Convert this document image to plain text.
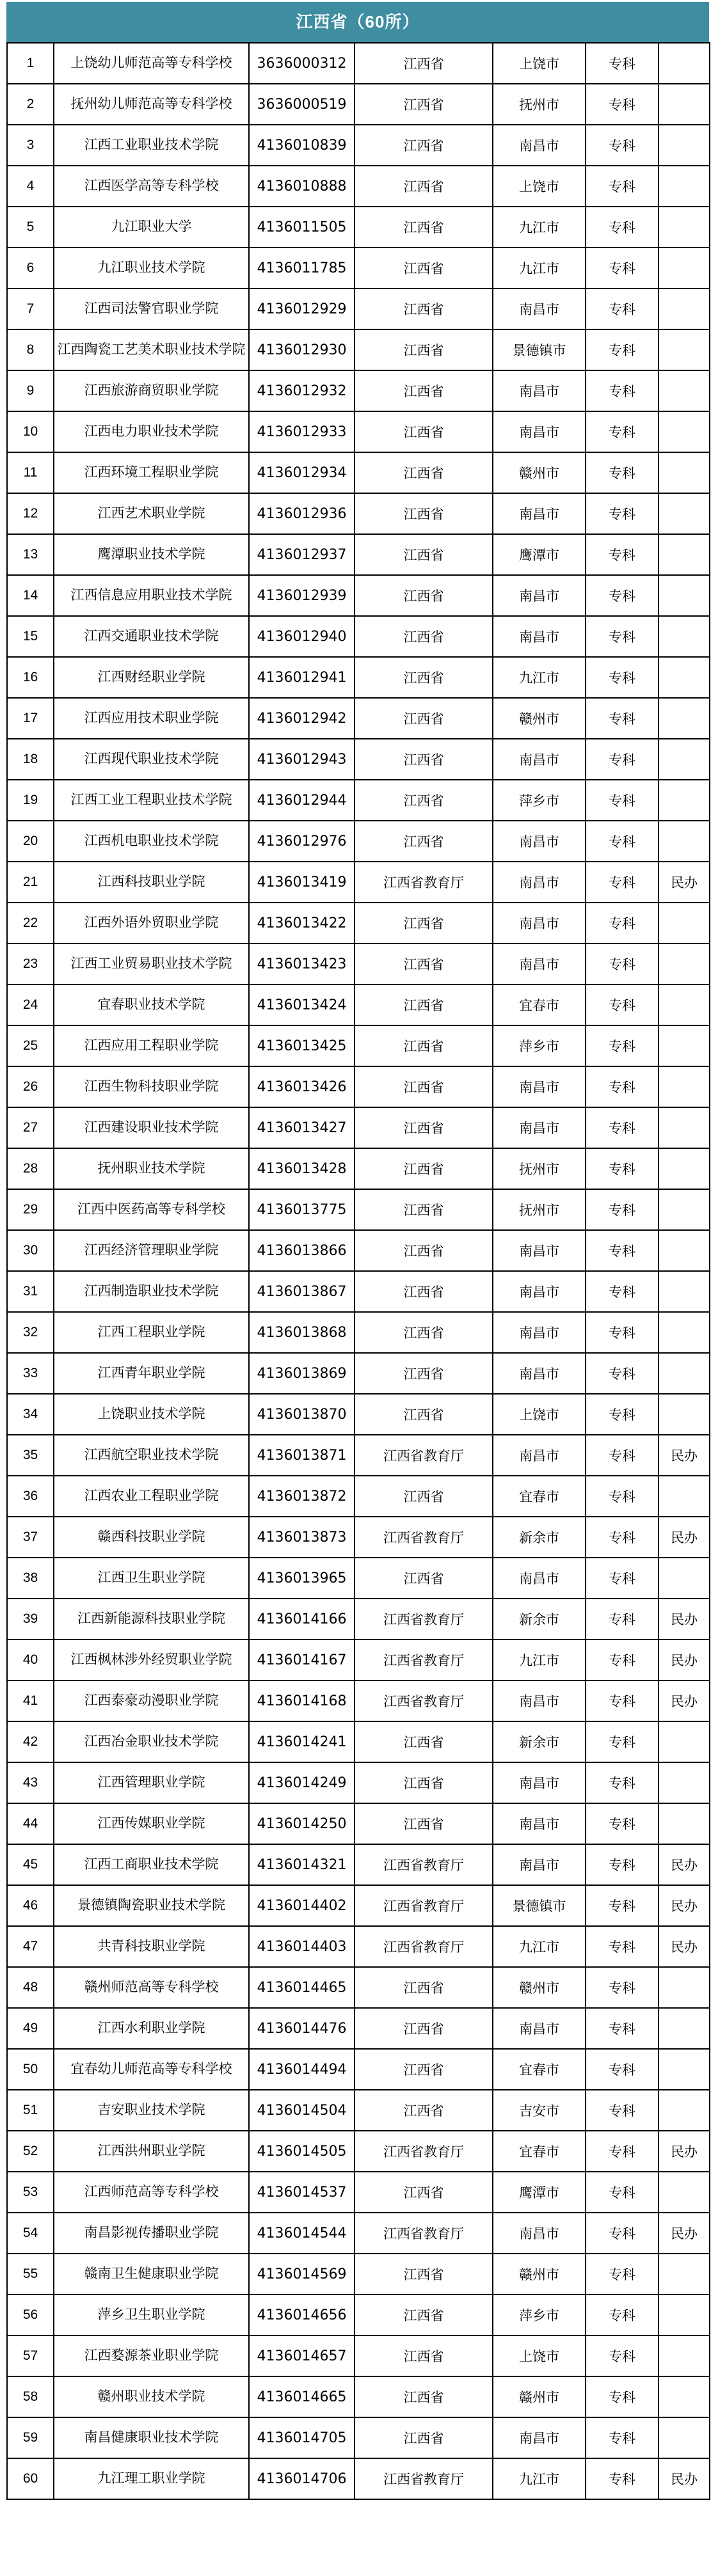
江西省（60所）
1	上饶幼儿师范高等专科学校	3636000312	江西省	上饶市	专科	
2	抚州幼儿师范高等专科学校	3636000519	江西省	抚州市	专科	
3	江西工业职业技术学院	4136010839	江西省	南昌市	专科	
4	江西医学高等专科学校	4136010888	江西省	上饶市	专科	
5	九江职业大学	4136011505	江西省	九江市	专科	
6	九江职业技术学院	4136011785	江西省	九江市	专科	
7	江西司法警官职业学院	4136012929	江西省	南昌市	专科	
8	江西陶瓷工艺美术职业技术学院	4136012930	江西省	景德镇市	专科	
9	江西旅游商贸职业学院	4136012932	江西省	南昌市	专科	
10	江西电力职业技术学院	4136012933	江西省	南昌市	专科	
11	江西环境工程职业学院	4136012934	江西省	赣州市	专科	
12	江西艺术职业学院	4136012936	江西省	南昌市	专科	
13	鹰潭职业技术学院	4136012937	江西省	鹰潭市	专科	
14	江西信息应用职业技术学院	4136012939	江西省	南昌市	专科	
15	江西交通职业技术学院	4136012940	江西省	南昌市	专科	
16	江西财经职业学院	4136012941	江西省	九江市	专科	
17	江西应用技术职业学院	4136012942	江西省	赣州市	专科	
18	江西现代职业技术学院	4136012943	江西省	南昌市	专科	
19	江西工业工程职业技术学院	4136012944	江西省	萍乡市	专科	
20	江西机电职业技术学院	4136012976	江西省	南昌市	专科	
21	江西科技职业学院	4136013419	江西省教育厅	南昌市	专科	民办
22	江西外语外贸职业学院	4136013422	江西省	南昌市	专科	
23	江西工业贸易职业技术学院	4136013423	江西省	南昌市	专科	
24	宜春职业技术学院	4136013424	江西省	宜春市	专科	
25	江西应用工程职业学院	4136013425	江西省	萍乡市	专科	
26	江西生物科技职业学院	4136013426	江西省	南昌市	专科	
27	江西建设职业技术学院	4136013427	江西省	南昌市	专科	
28	抚州职业技术学院	4136013428	江西省	抚州市	专科	
29	江西中医药高等专科学校	4136013775	江西省	抚州市	专科	
30	江西经济管理职业学院	4136013866	江西省	南昌市	专科	
31	江西制造职业技术学院	4136013867	江西省	南昌市	专科	
32	江西工程职业学院	4136013868	江西省	南昌市	专科	
33	江西青年职业学院	4136013869	江西省	南昌市	专科	
34	上饶职业技术学院	4136013870	江西省	上饶市	专科	
35	江西航空职业技术学院	4136013871	江西省教育厅	南昌市	专科	民办
36	江西农业工程职业学院	4136013872	江西省	宜春市	专科	
37	赣西科技职业学院	4136013873	江西省教育厅	新余市	专科	民办
38	江西卫生职业学院	4136013965	江西省	南昌市	专科	
39	江西新能源科技职业学院	4136014166	江西省教育厅	新余市	专科	民办
40	江西枫林涉外经贸职业学院	4136014167	江西省教育厅	九江市	专科	民办
41	江西泰豪动漫职业学院	4136014168	江西省教育厅	南昌市	专科	民办
42	江西冶金职业技术学院	4136014241	江西省	新余市	专科	
43	江西管理职业学院	4136014249	江西省	南昌市	专科	
44	江西传媒职业学院	4136014250	江西省	南昌市	专科	
45	江西工商职业技术学院	4136014321	江西省教育厅	南昌市	专科	民办
46	景德镇陶瓷职业技术学院	4136014402	江西省教育厅	景德镇市	专科	民办
47	共青科技职业学院	4136014403	江西省教育厅	九江市	专科	民办
48	赣州师范高等专科学校	4136014465	江西省	赣州市	专科	
49	江西水利职业学院	4136014476	江西省	南昌市	专科	
50	宜春幼儿师范高等专科学校	4136014494	江西省	宜春市	专科	
51	吉安职业技术学院	4136014504	江西省	吉安市	专科	
52	江西洪州职业学院	4136014505	江西省教育厅	宜春市	专科	民办
53	江西师范高等专科学校	4136014537	江西省	鹰潭市	专科	
54	南昌影视传播职业学院	4136014544	江西省教育厅	南昌市	专科	民办
55	赣南卫生健康职业学院	4136014569	江西省	赣州市	专科	
56	萍乡卫生职业学院	4136014656	江西省	萍乡市	专科	
57	江西婺源茶业职业学院	4136014657	江西省	上饶市	专科	
58	赣州职业技术学院	4136014665	江西省	赣州市	专科	
59	南昌健康职业技术学院	4136014705	江西省	南昌市	专科	
60	九江理工职业学院	4136014706	江西省教育厅	九江市	专科	民办
